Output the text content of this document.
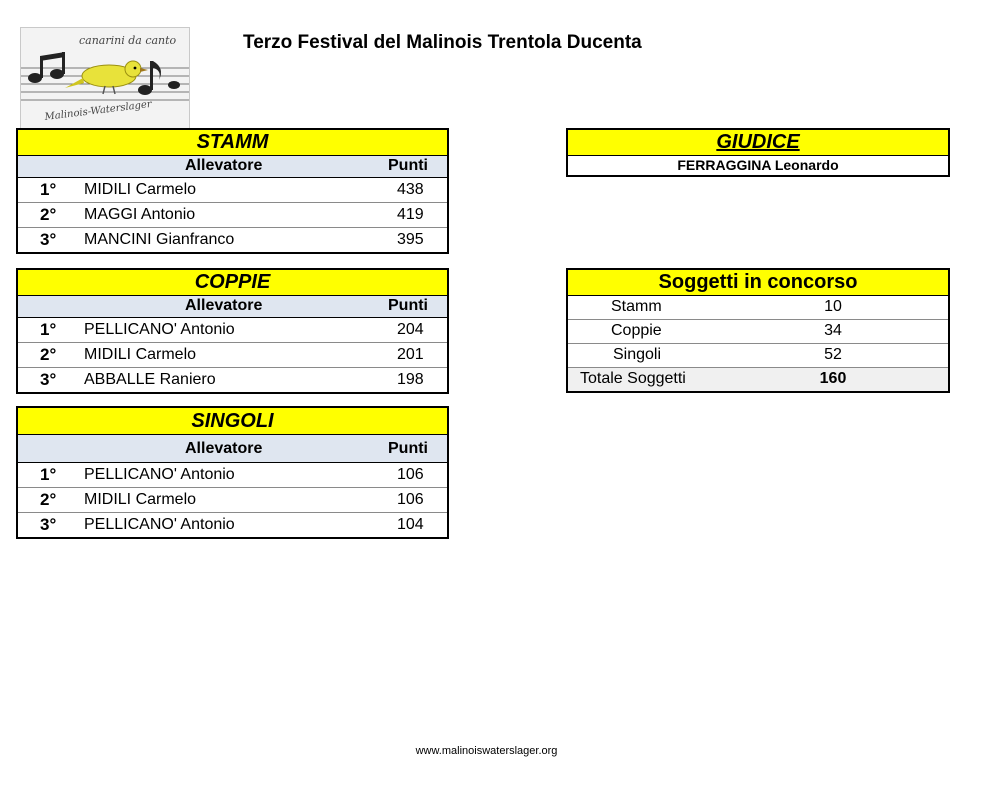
canarini da canto
Malinois-Waterslager
Terzo Festival del Malinois Trentola Ducenta
STAMM
Allevatore	Punti
1° MIDILI Carmelo	438
2° MAGGI Antonio	419
3° MANCINI Gianfranco	395
COPPIE
Allevatore	Punti
1° PELLICANO' Antonio	204
2° MIDILI Carmelo	201
3° ABBALLE Raniero	198
SINGOLI
Allevatore	Punti
1° PELLICANO' Antonio	106
2° MIDILI Carmelo	106
3° PELLICANO' Antonio	104
GIUDICE
FERRAGGINA Leonardo
Soggetti in concorso
Stamm	10
Coppie	34
Singoli	52
Totale Soggetti	160
www.malinoiswaterslager.org
